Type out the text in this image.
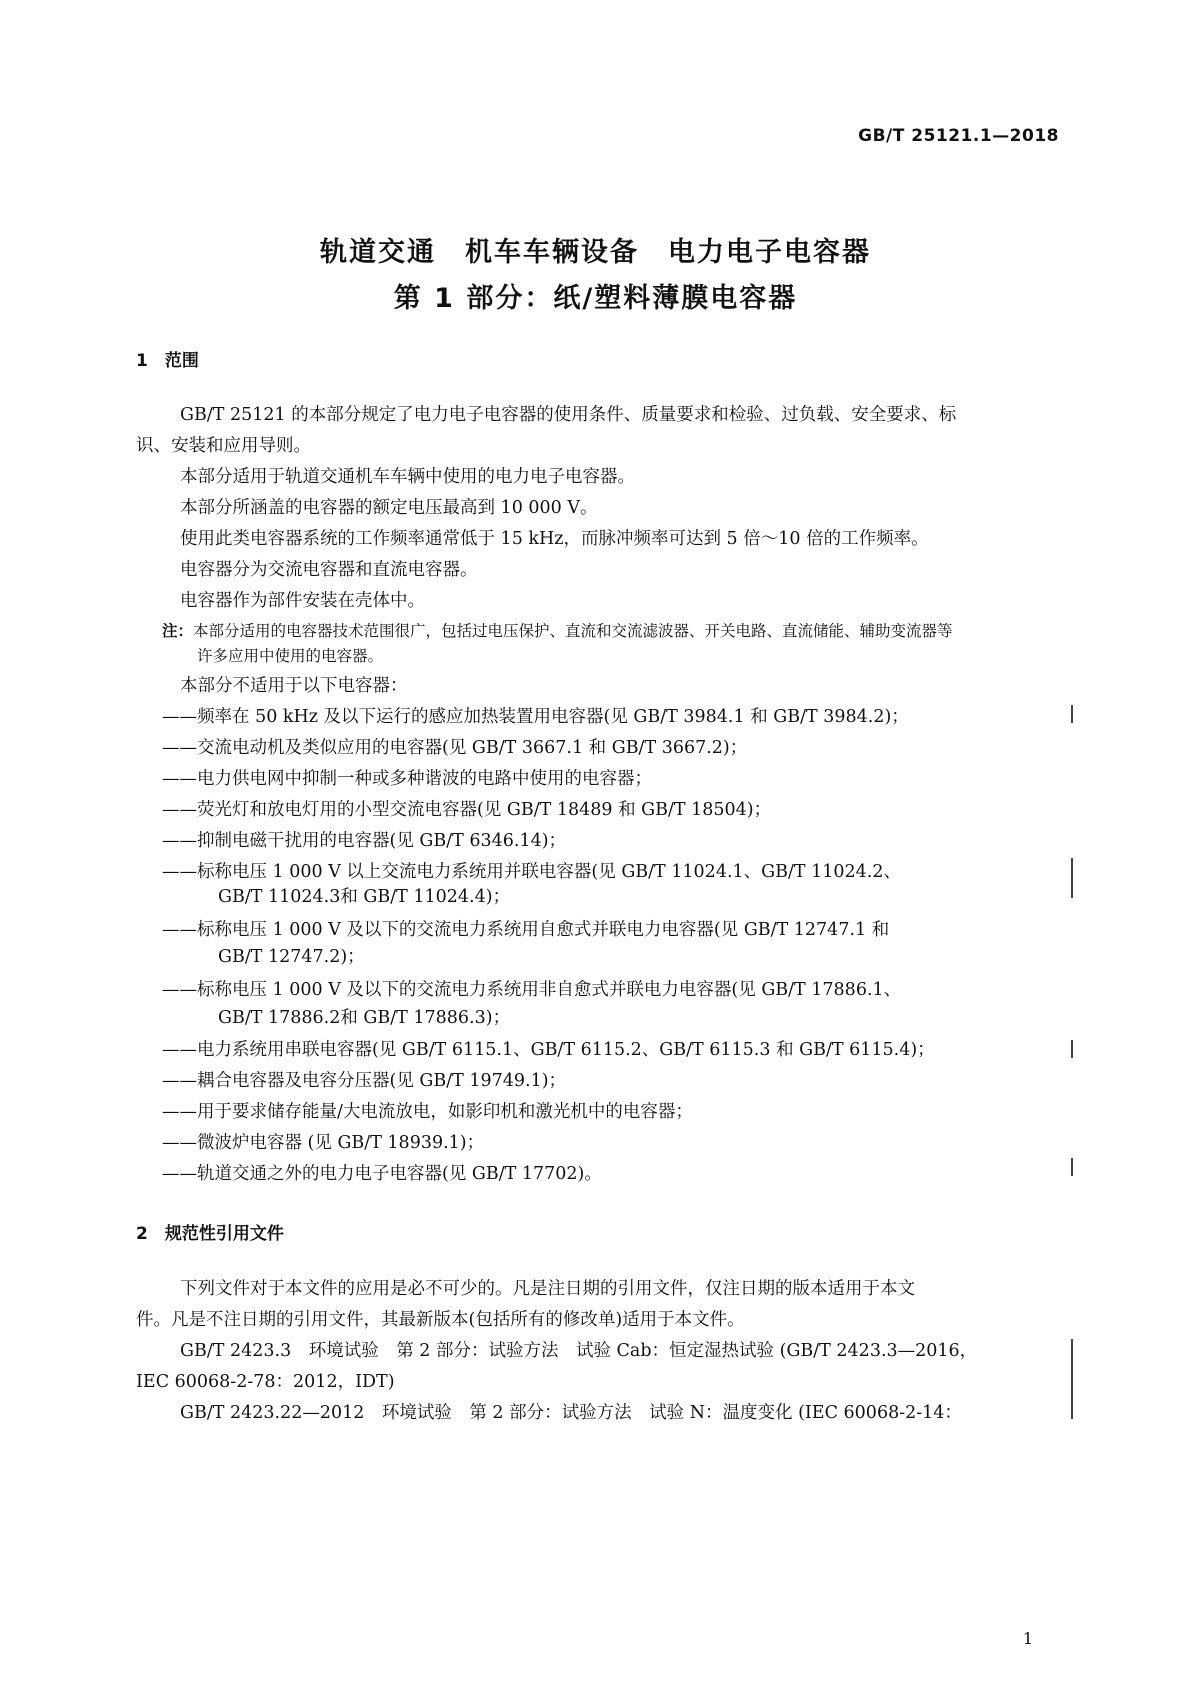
GB/T 25121.1—2018
轨道交通　机车车辆设备　电力电子电容器
第 1 部分：纸/塑料薄膜电容器
1　范围
GB/T 25121 的本部分规定了电力电子电容器的使用条件、质量要求和检验、过负载、安全要求、标
识、安装和应用导则。
本部分适用于轨道交通机车车辆中使用的电力电子电容器。
本部分所涵盖的电容器的额定电压最高到 10 000 V。
使用此类电容器系统的工作频率通常低于 15 kHz，而脉冲频率可达到 5 倍～10 倍的工作频率。
电容器分为交流电容器和直流电容器。
电容器作为部件安装在壳体中。
注：本部分适用的电容器技术范围很广，包括过电压保护、直流和交流滤波器、开关电路、直流储能、辅助变流器等
许多应用中使用的电容器。
本部分不适用于以下电容器：
——频率在 50 kHz 及以下运行的感应加热装置用电容器(见 GB/T 3984.1 和 GB/T 3984.2)；
——交流电动机及类似应用的电容器(见 GB/T 3667.1 和 GB/T 3667.2)；
——电力供电网中抑制一种或多种谐波的电路中使用的电容器；
——荧光灯和放电灯用的小型交流电容器(见 GB/T 18489 和 GB/T 18504)；
——抑制电磁干扰用的电容器(见 GB/T 6346.14)；
——标称电压 1 000 V 以上交流电力系统用并联电容器(见 GB/T 11024.1、GB/T 11024.2、
GB/T 11024.3和 GB/T 11024.4)；
——标称电压 1 000 V 及以下的交流电力系统用自愈式并联电力电容器(见 GB/T 12747.1 和
GB/T 12747.2)；
——标称电压 1 000 V 及以下的交流电力系统用非自愈式并联电力电容器(见 GB/T 17886.1、
GB/T 17886.2和 GB/T 17886.3)；
——电力系统用串联电容器(见 GB/T 6115.1、GB/T 6115.2、GB/T 6115.3 和 GB/T 6115.4)；
——耦合电容器及电容分压器(见 GB/T 19749.1)；
——用于要求储存能量/大电流放电，如影印机和激光机中的电容器；
——微波炉电容器 (见 GB/T 18939.1)；
——轨道交通之外的电力电子电容器(见 GB/T 17702)。
2　规范性引用文件
下列文件对于本文件的应用是必不可少的。凡是注日期的引用文件，仅注日期的版本适用于本文
件。凡是不注日期的引用文件，其最新版本(包括所有的修改单)适用于本文件。
GB/T 2423.3　环境试验　第 2 部分：试验方法　试验 Cab：恒定湿热试验 (GB/T 2423.3—2016，
IEC 60068-2-78：2012，IDT)
GB/T 2423.22—2012　环境试验　第 2 部分：试验方法　试验 N：温度变化 (IEC 60068-2-14：
1
